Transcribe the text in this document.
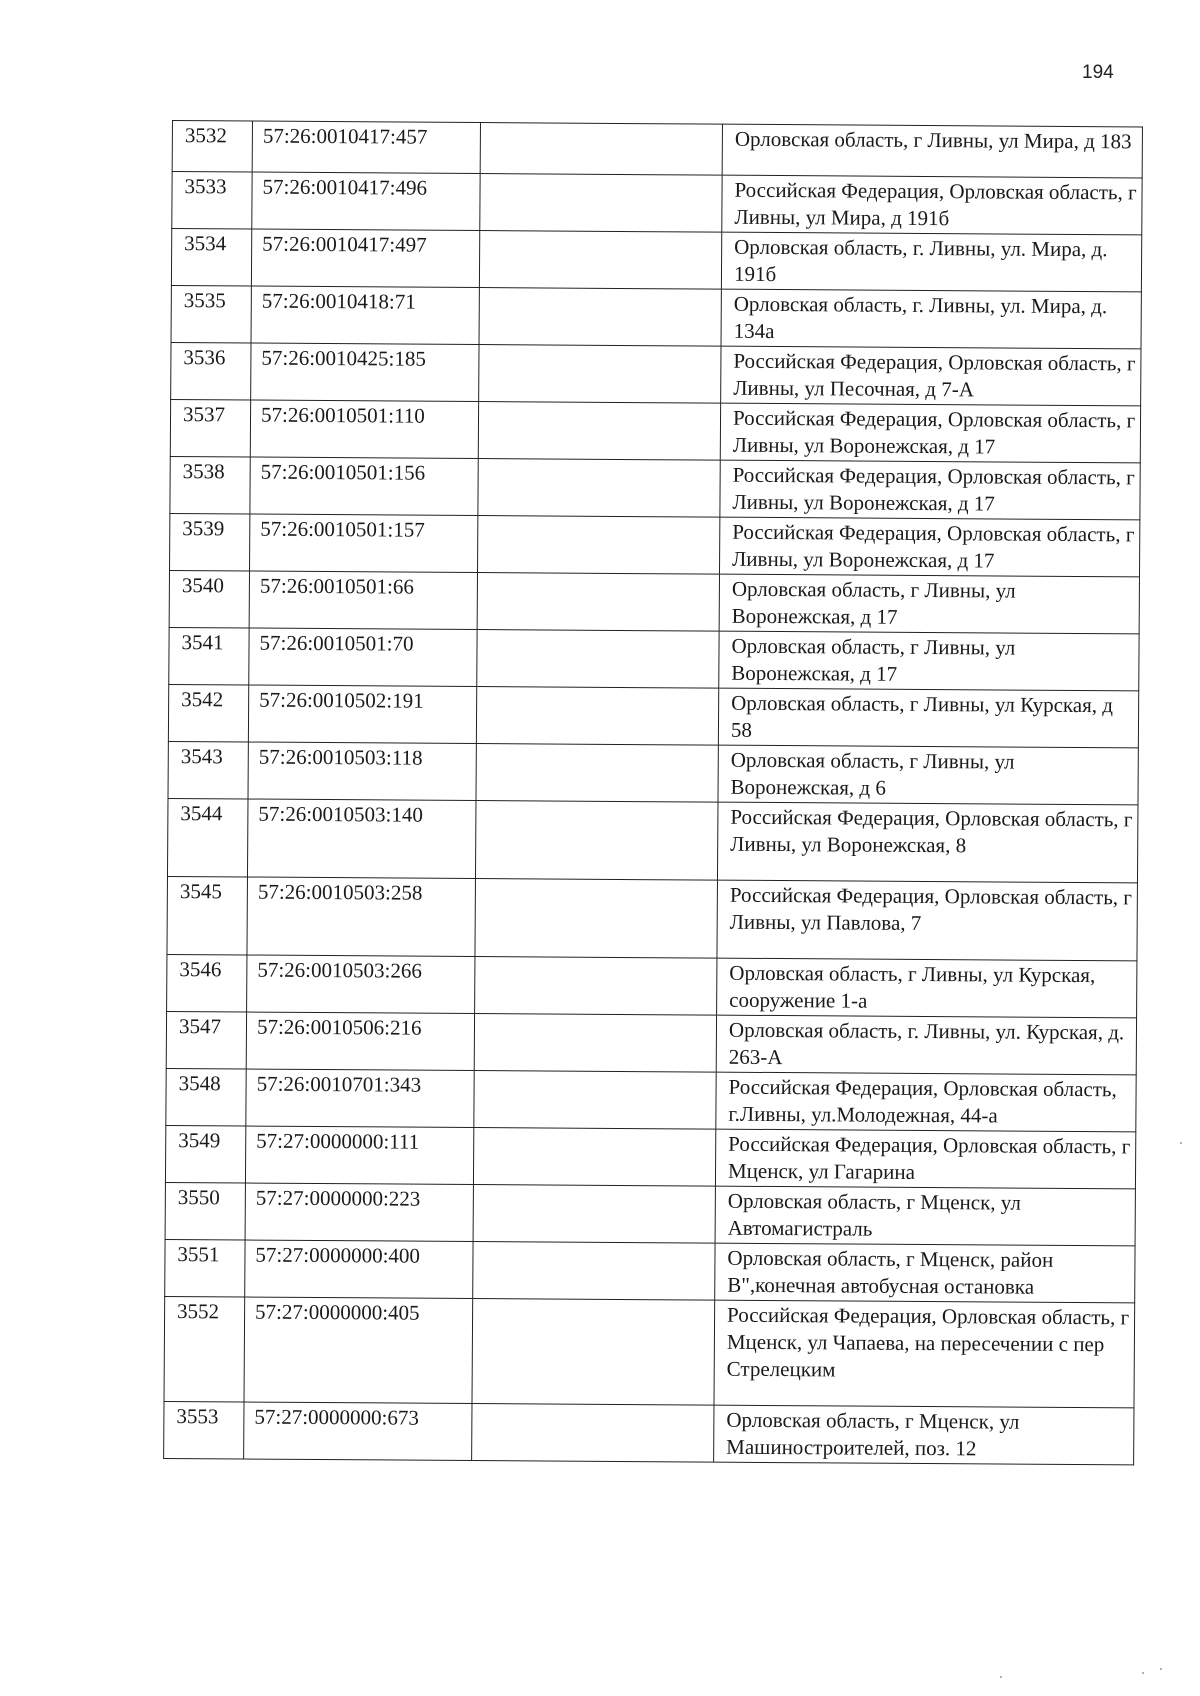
194
3532	57:26:0010417:457		Орловская область, г Ливны, ул Мира, д 183
3533	57:26:0010417:496		Российская Федерация, Орловская область, г Ливны, ул Мира, д 191б
3534	57:26:0010417:497		Орловская область, г. Ливны, ул. Мира, д. 191б
3535	57:26:0010418:71		Орловская область, г. Ливны, ул. Мира, д. 134а
3536	57:26:0010425:185		Российская Федерация, Орловская область, г Ливны, ул Песочная, д 7-А
3537	57:26:0010501:110		Российская Федерация, Орловская область, г Ливны, ул Воронежская, д 17
3538	57:26:0010501:156		Российская Федерация, Орловская область, г Ливны, ул Воронежская, д 17
3539	57:26:0010501:157		Российская Федерация, Орловская область, г Ливны, ул Воронежская, д 17
3540	57:26:0010501:66		Орловская область, г Ливны, ул Воронежская, д 17
3541	57:26:0010501:70		Орловская область, г Ливны, ул Воронежская, д 17
3542	57:26:0010502:191		Орловская область, г Ливны, ул Курская, д 58
3543	57:26:0010503:118		Орловская область, г Ливны, ул Воронежская, д 6
3544	57:26:0010503:140		Российская Федерация, Орловская область, г Ливны, ул Воронежская, 8
3545	57:26:0010503:258		Российская Федерация, Орловская область, г Ливны, ул Павлова, 7
3546	57:26:0010503:266		Орловская область, г Ливны, ул Курская, сооружение 1-а
3547	57:26:0010506:216		Орловская область, г. Ливны, ул. Курская, д. 263-А
3548	57:26:0010701:343		Российская Федерация, Орловская область, г.Ливны, ул.Молодежная, 44-а
3549	57:27:0000000:111		Российская Федерация, Орловская область, г Мценск, ул Гагарина
3550	57:27:0000000:223		Орловская область, г Мценск, ул Автомагистраль
3551	57:27:0000000:400		Орловская область, г Мценск, район В",конечная автобусная остановка
3552	57:27:0000000:405		Российская Федерация, Орловская область, г Мценск, ул Чапаева, на пересечении с пер Стрелецким
3553	57:27:0000000:673		Орловская область, г Мценск, ул Машиностроителей, поз. 12
